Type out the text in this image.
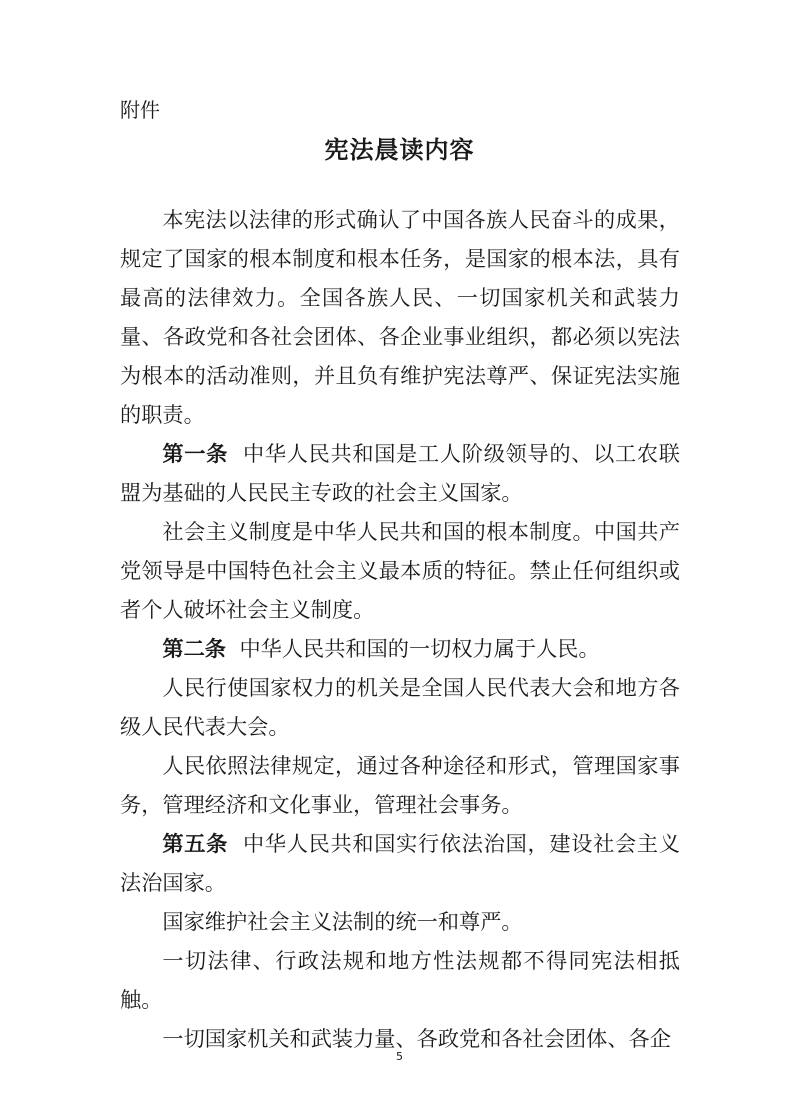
附件
宪法晨读内容

本宪法以法律的形式确认了中国各族人民奋斗的成果，规定了国家的根本制度和根本任务，是国家的根本法，具有最高的法律效力。全国各族人民、一切国家机关和武装力量、各政党和各社会团体、各企业事业组织，都必须以宪法为根本的活动准则，并且负有维护宪法尊严、保证宪法实施的职责。

第一条 中华人民共和国是工人阶级领导的、以工农联盟为基础的人民民主专政的社会主义国家。

社会主义制度是中华人民共和国的根本制度。中国共产党领导是中国特色社会主义最本质的特征。禁止任何组织或者个人破坏社会主义制度。

第二条 中华人民共和国的一切权力属于人民。

人民行使国家权力的机关是全国人民代表大会和地方各级人民代表大会。

人民依照法律规定，通过各种途径和形式，管理国家事务，管理经济和文化事业，管理社会事务。

第五条 中华人民共和国实行依法治国，建设社会主义法治国家。

国家维护社会主义法制的统一和尊严。

一切法律、行政法规和地方性法规都不得同宪法相抵触。

一切国家机关和武装力量、各政党和各社会团体、各企

5
